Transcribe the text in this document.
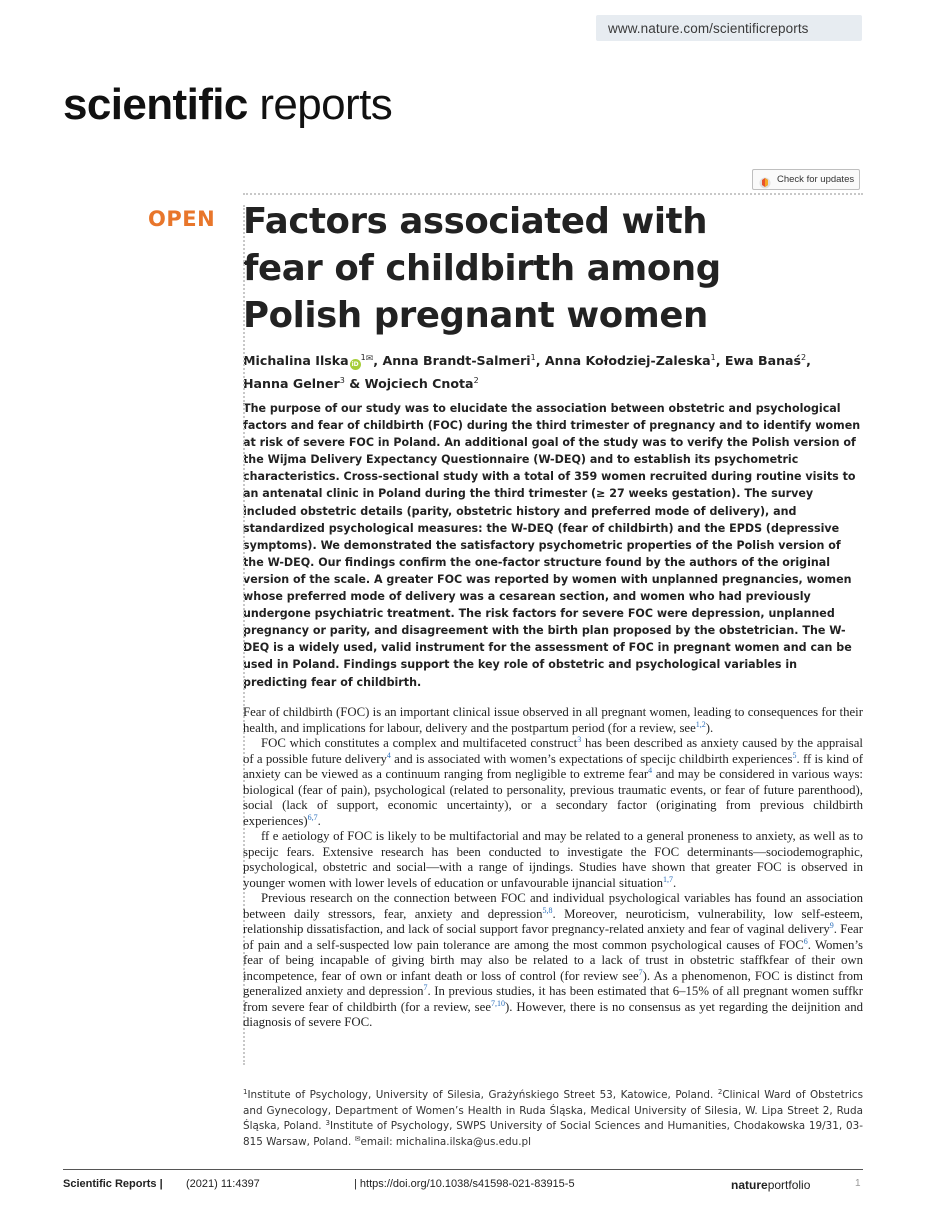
www.nature.com/scientificreports
scientific reports
Check for updates
OPEN Factors associated with fear of childbirth among Polish pregnant women
Michalina Ilska $iD^1✉$, Anna Brandt-Salmeri$^1$, Anna Kołodziej-Zaleska$^1$, Ewa Banaś$^2$,
Hanna Gelner$^3$ & Wojciech Cnota$^2$
The purpose of our study was to elucidate the association between obstetric and psychological factors and fear of childbirth (FOC) during the third trimester of pregnancy and to identify women at risk of severe FOC in Poland. An additional goal of the study was to verify the Polish version of the Wijma Delivery Expectancy Questionnaire (W-DEQ) and to establish its psychometric characteristics. Cross-sectional study with a total of 359 women recruited during routine visits to an antenatal clinic in Poland during the third trimester (≥ 27 weeks gestation). The survey included obstetric details (parity, obstetric history and preferred mode of delivery), and standardized psychological measures: the W-DEQ (fear of childbirth) and the EPDS (depressive symptoms). We demonstrated the satisfactory psychometric properties of the Polish version of the W-DEQ. Our findings confirm the one-factor structure found by the authors of the original version of the scale. A greater FOC was reported by women with unplanned pregnancies, women whose preferred mode of delivery was a cesarean section, and women who had previously undergone psychiatric treatment. The risk factors for severe FOC were depression, unplanned pregnancy or parity, and disagreement with the birth plan proposed by the obstetrician. The W-DEQ is a widely used, valid instrument for the assessment of FOC in pregnant women and can be used in Poland. Findings support the key role of obstetric and psychological variables in predicting fear of childbirth.

Fear of childbirth (FOC) is an important clinical issue observed in all pregnant women, leading to consequences for their health, and implications for labour, delivery and the postpartum period (for a review, see$^{1,2}$).

FOC which constitutes a complex and multifaceted construct$^3$ has been described as anxiety caused by the appraisal of a possible future delivery$^4$ and is associated with women’s expectations of speciјc childbirth experiences$^5$. ff is kind of anxiety can be viewed as a continuum ranging from negligible to extreme fear$^4$ and may be considered in various ways: biological (fear of pain), psychological (related to personality, previous traumatic events, or fear of future parenthood), social (lack of support, economic uncertainty), or a secondary factor (originating from previous childbirth experiences)$^{6,7}$.

ff e aetiology of FOC is likely to be multifactorial and may be related to a general proneness to anxiety, as well as to speciјc fears. Extensive research has been conducted to investigate the FOC determinants—sociodemographic, psychological, obstetric and social—with a range of iјndings. Studies have shown that greater FOC is observed in younger women with lower levels of education or unfavourable iјnancial situation$^{1,7}$.

Previous research on the connection between FOC and individual psychological variables has found an association between daily stressors, fear, anxiety and depression$^{5,8}$. Moreover, neuroticism, vulnerability, low self-esteem, relationship dissatisfaction, and lack of social support favor pregnancy-related anxiety and fear of vaginal delivery$^9$. Fear of pain and a self-suspected low pain tolerance are among the most common psychological causes of FOC$^6$. Women’s fear of being incapable of giving birth may also be related to a lack of trust in obstetric staffkfear of their own incompetence, fear of own or infant death or loss of control (for review see$^7$). As a phenomenon, FOC is distinct from generalized anxiety and depression$^7$. In previous studies, it has been estimated that 6–15% of all pregnant women suffkr from severe fear of childbirth (for a review, see$^{7,10}$). However, there is no consensus as yet regarding the deiјnition and diagnosis of severe FOC.

$^1$Institute of Psychology, University of Silesia, Grażyńskiego Street 53, Katowice, Poland. $^2$Clinical Ward of Obstetrics and Gynecology, Department of Women’s Health in Ruda Śląska, Medical University of Silesia, W. Lipa Street 2, Ruda Śląska, Poland. $^3$Institute of Psychology, SWPS University of Social Sciences and Humanities, Chodakowska 19/31, 03-815 Warsaw, Poland. ✉email: michalina.ilska@us.edu.pl
Scientific Reports | (2021) 11:4397	| https://doi.org/10.1038/s41598-021-83915-5	natureportfolio	1
